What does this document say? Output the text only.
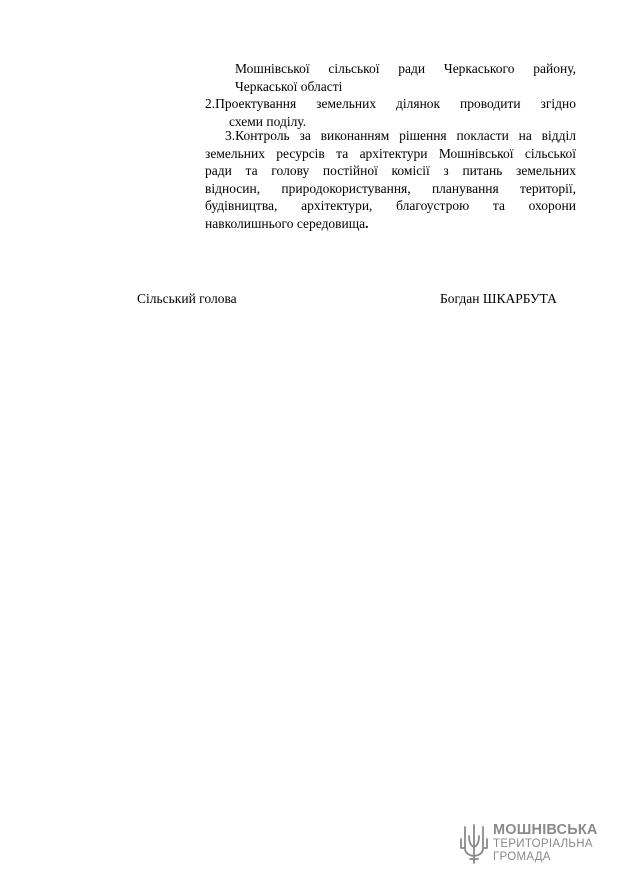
Мошнівської сільської ради Черкаського району,
Черкаської області
2.Проектування земельних ділянок проводити згідно
схеми поділу.
3.Контроль за виконанням рішення покласти на відділ
земельних ресурсів та архітектури Мошнівської сільської
ради та голову постійної комісії з питань земельних
відносин, природокористування, планування території,
будівництва, архітектури, благоустрою та охорони
навколишнього середовища.
Сільський голова	Богдан ШКАРБУТА
МОШНІВСЬКА
ТЕРИТОРІАЛЬНА
ГРОМАДА
